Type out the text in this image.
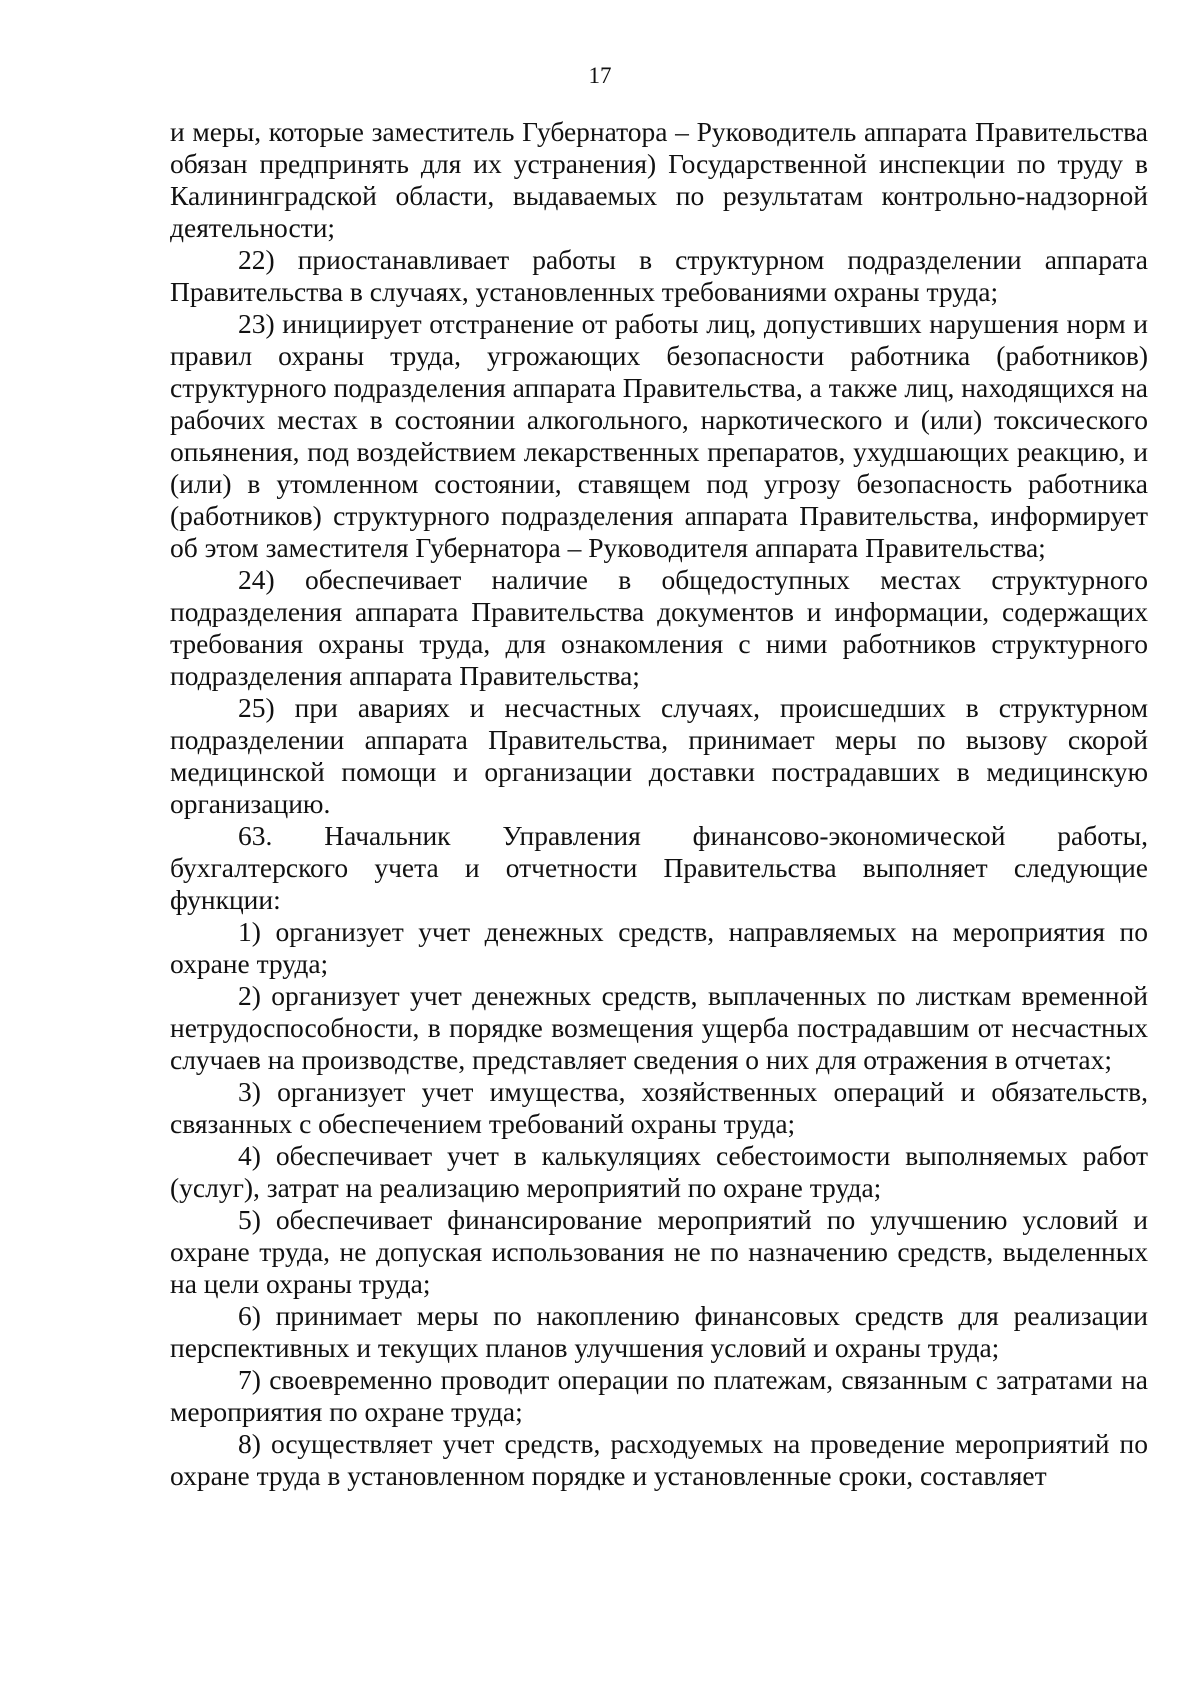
17

и меры, которые заместитель Губернатора – Руководитель аппарата Правительства обязан предпринять для их устранения) Государственной инспекции по труду в Калининградской области, выдаваемых по результатам контрольно-надзорной деятельности;

22) приостанавливает работы в структурном подразделении аппарата Правительства в случаях, установленных требованиями охраны труда;

23) инициирует отстранение от работы лиц, допустивших нарушения норм и правил охраны труда, угрожающих безопасности работника (работников) структурного подразделения аппарата Правительства, а также лиц, находящихся на рабочих местах в состоянии алкогольного, наркотического и (или) токсического опьянения, под воздействием лекарственных препаратов, ухудшающих реакцию, и (или) в утомленном состоянии, ставящем под угрозу безопасность работника (работников) структурного подразделения аппарата Правительства, информирует об этом заместителя Губернатора – Руководителя аппарата Правительства;

24) обеспечивает наличие в общедоступных местах структурного подразделения аппарата Правительства документов и информации, содержащих требования охраны труда, для ознакомления с ними работников структурного подразделения аппарата Правительства;

25) при авариях и несчастных случаях, происшедших в структурном подразделении аппарата Правительства, принимает меры по вызову скорой медицинской помощи и организации доставки пострадавших в медицинскую организацию.

63. Начальник Управления финансово-экономической работы, бухгалтерского учета и отчетности Правительства выполняет следующие функции:

1) организует учет денежных средств, направляемых на мероприятия по охране труда;

2) организует учет денежных средств, выплаченных по листкам временной нетрудоспособности, в порядке возмещения ущерба пострадавшим от несчастных случаев на производстве, представляет сведения о них для отражения в отчетах;

3) организует учет имущества, хозяйственных операций и обязательств, связанных с обеспечением требований охраны труда;

4) обеспечивает учет в калькуляциях себестоимости выполняемых работ (услуг), затрат на реализацию мероприятий по охране труда;

5) обеспечивает финансирование мероприятий по улучшению условий и охране труда, не допуская использования не по назначению средств, выделенных на цели охраны труда;

6) принимает меры по накоплению финансовых средств для реализации перспективных и текущих планов улучшения условий и охраны труда;

7) своевременно проводит операции по платежам, связанным с затратами на мероприятия по охране труда;

8) осуществляет учет средств, расходуемых на проведение мероприятий по охране труда в установленном порядке и установленные сроки, составляет
